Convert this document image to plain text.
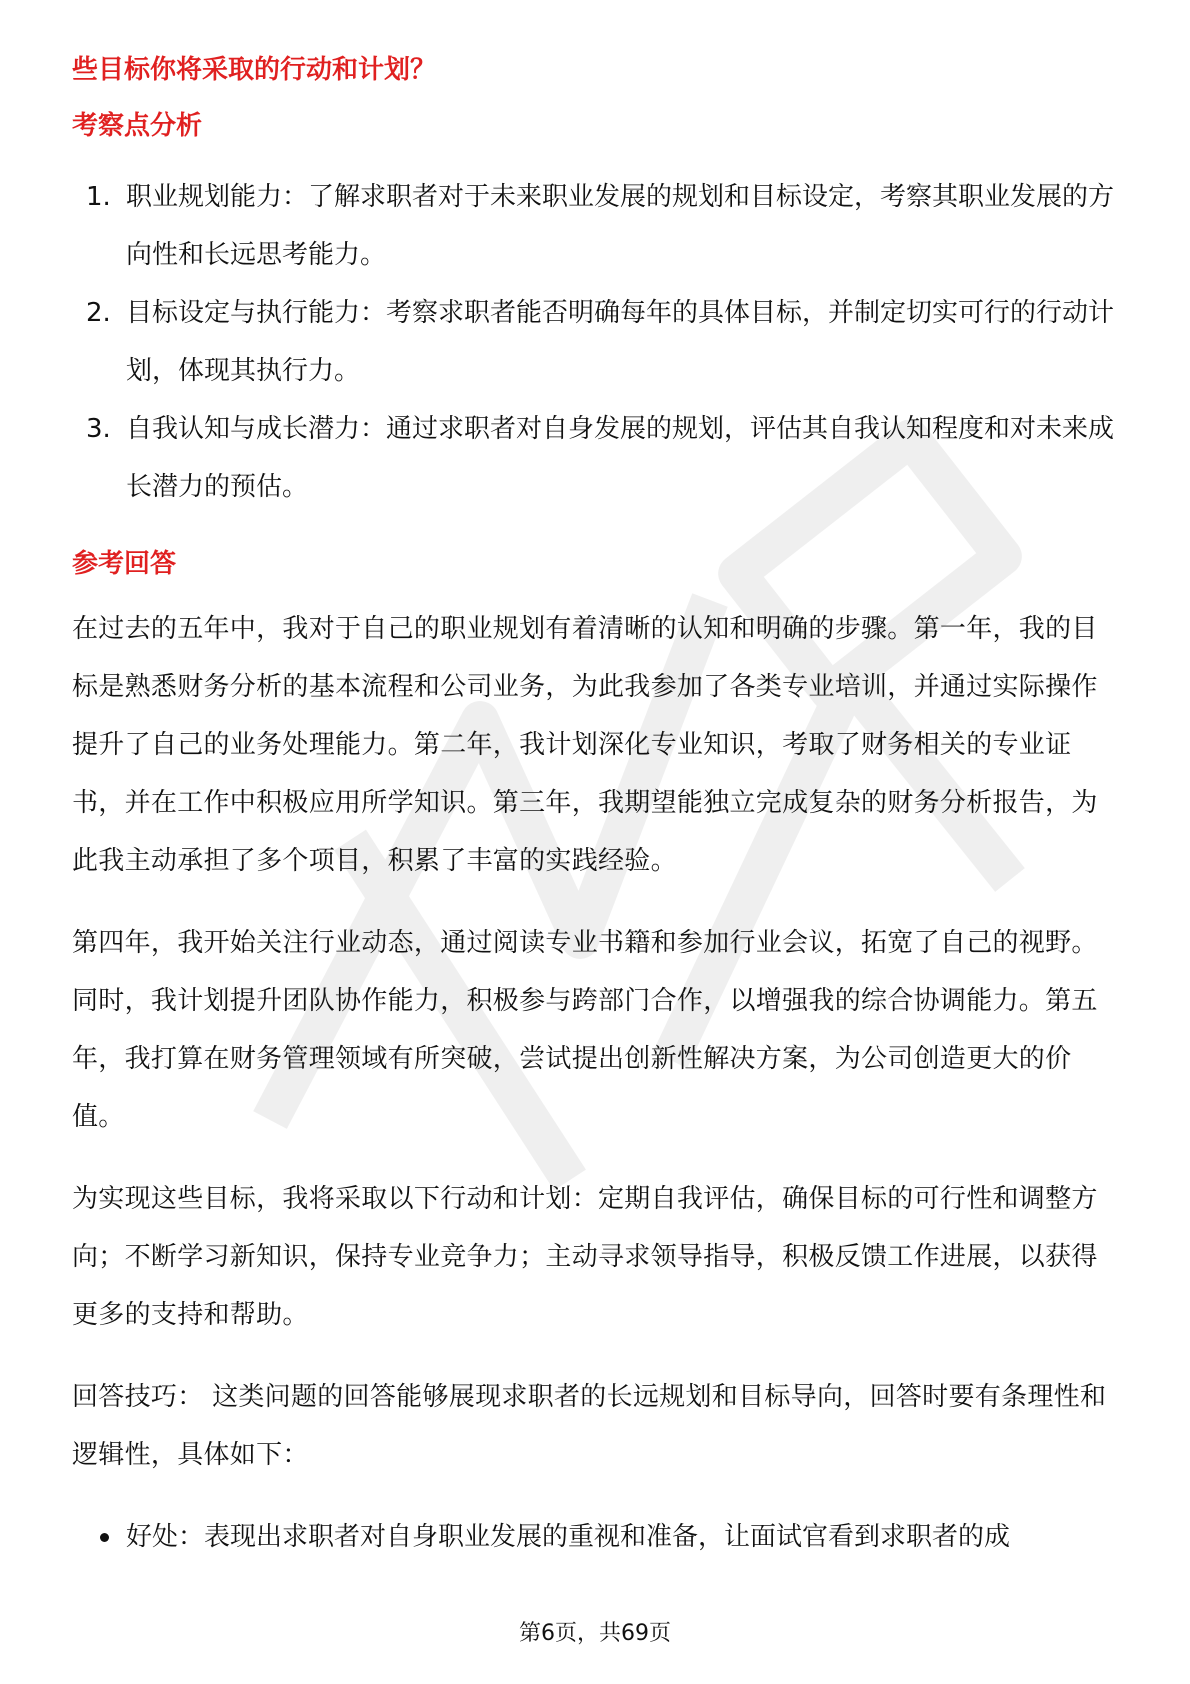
些目标你将采取的行动和计划？

考察点分析

1. 职业规划能力：了解求职者对于未来职业发展的规划和目标设定，考察其职业发展的方向性和长远思考能力。
2. 目标设定与执行能力：考察求职者能否明确每年的具体目标，并制定切实可行的行动计划，体现其执行力。
3. 自我认知与成长潜力：通过求职者对自身发展的规划，评估其自我认知程度和对未来成长潜力的预估。

参考回答

在过去的五年中，我对于自己的职业规划有着清晰的认知和明确的步骤。第一年，我的目标是熟悉财务分析的基本流程和公司业务，为此我参加了各类专业培训，并通过实际操作提升了自己的业务处理能力。第二年，我计划深化专业知识，考取了财务相关的专业证书，并在工作中积极应用所学知识。第三年，我期望能独立完成复杂的财务分析报告，为此我主动承担了多个项目，积累了丰富的实践经验。

第四年，我开始关注行业动态，通过阅读专业书籍和参加行业会议，拓宽了自己的视野。同时，我计划提升团队协作能力，积极参与跨部门合作，以增强我的综合协调能力。第五年，我打算在财务管理领域有所突破，尝试提出创新性解决方案，为公司创造更大的价值。

为实现这些目标，我将采取以下行动和计划：定期自我评估，确保目标的可行性和调整方向；不断学习新知识，保持专业竞争力；主动寻求领导指导，积极反馈工作进展，以获得更多的支持和帮助。

回答技巧： 这类问题的回答能够展现求职者的长远规划和目标导向，回答时要有条理性和逻辑性，具体如下：

好处：表现出求职者对自身职业发展的重视和准备，让面试官看到求职者的成
第6页，共69页
